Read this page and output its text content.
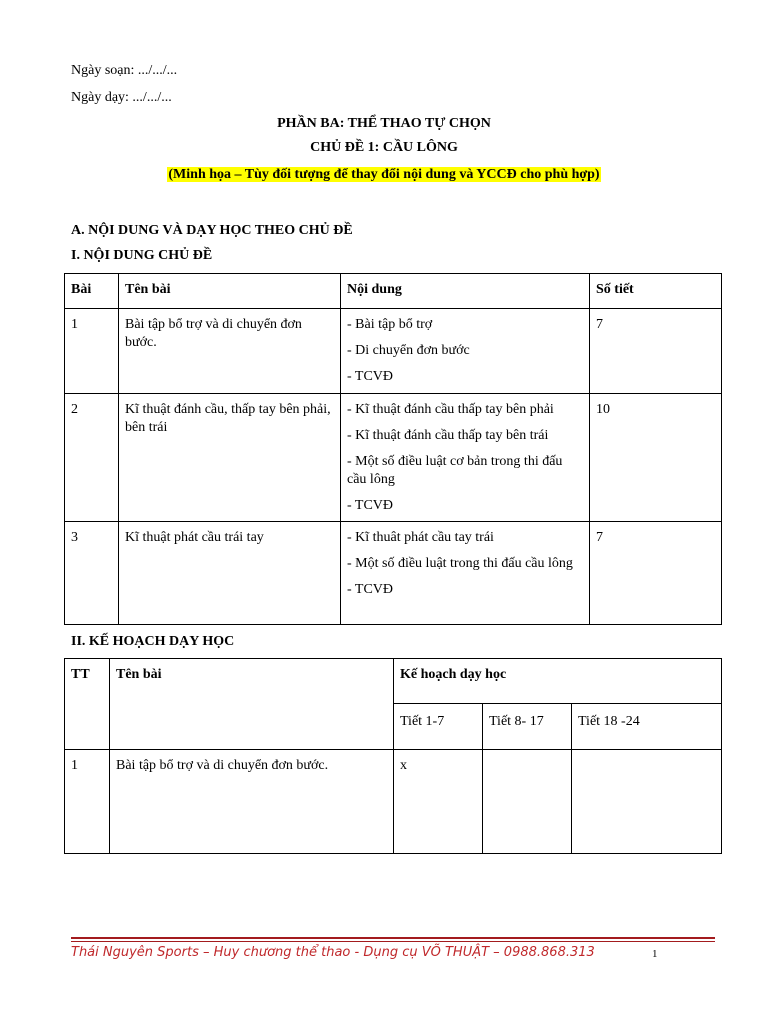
Ngày soạn: .../.../...
Ngày dạy: .../.../...
PHẦN BA: THỂ THAO TỰ CHỌN
CHỦ ĐỀ 1: CẦU LÔNG
(Minh họa – Tùy đối tượng để thay đổi nội dung và YCCĐ cho phù hợp)
A. NỘI DUNG VÀ DẠY HỌC THEO CHỦ ĐỀ
I. NỘI DUNG CHỦ ĐỀ
Bài	Tên bài	Nội dung	Số tiết

1	Bài tập bổ trợ và di chuyển đơn bước.	- Bài tập bổ trợ

- Di chuyển đơn bước

- TCVĐ	7

2	Kĩ thuật đánh cầu, thấp tay bên phải, bên trái	- Kĩ thuật đánh cầu thấp tay bên phải

- Kĩ thuật đánh cầu thấp tay bên trái

- Một số điều luật cơ bản trong thi đấu cầu lông

- TCVĐ	10

3	Kĩ thuật phát cầu trái tay	- Kĩ thuât phát cầu tay trái

- Một số điều luật trong thi đấu cầu lông

- TCVĐ	7
II. KẾ HOẠCH DẠY HỌC
TT	Tên bài	Kế hoạch dạy học		

		Tiết 1-7	Tiết 8- 17	Tiết 18 -24

1	Bài tập bổ trợ và di chuyển đơn bước.	x		

Thái Nguyên Sports – Huy chương thể thao - Dụng cụ VÕ THUẬT – 0988.868.313	1
